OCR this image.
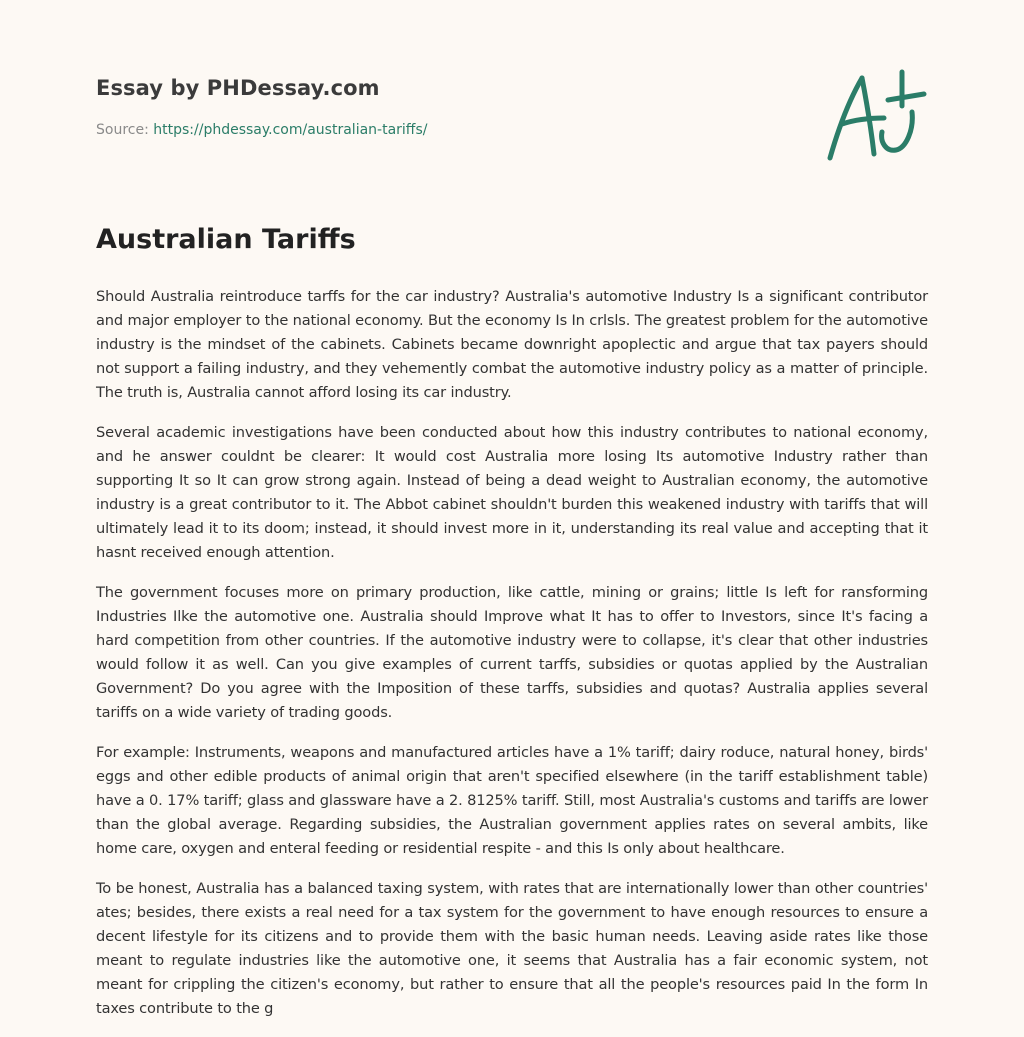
Essay by PHDessay.com
Source: https://phdessay.com/australian-tariffs/
Australian Tariffs

Should Australia reintroduce tarffs for the car industry? Australia's automotive Industry Is a significant contributor and major employer to the national economy. But the economy Is In crlsls. The greatest problem for the automotive industry is the mindset of the cabinets. Cabinets became downright apoplectic and argue that tax payers should not support a failing industry, and they vehemently combat the automotive industry policy as a matter of principle. The truth is, Australia cannot afford losing its car industry.

Several academic investigations have been conducted about how this industry contributes to national economy, and he answer couldnt be clearer: It would cost Australia more losing Its automotive Industry rather than supporting It so It can grow strong again. Instead of being a dead weight to Australian economy, the automotive industry is a great contributor to it. The Abbot cabinet shouldn't burden this weakened industry with tariffs that will ultimately lead it to its doom; instead, it should invest more in it, understanding its real value and accepting that it hasnt received enough attention.

The government focuses more on primary production, like cattle, mining or grains; little Is left for ransforming Industries Ilke the automotive one. Australia should Improve what It has to offer to Investors, since It's facing a hard competition from other countries. If the automotive industry were to collapse, it's clear that other industries would follow it as well. Can you give examples of current tarffs, subsidies or quotas applied by the Australian Government? Do you agree with the Imposition of these tarffs, subsidies and quotas? Australia applies several tariffs on a wide variety of trading goods.

For example: Instruments, weapons and manufactured articles have a 1% tariff; dairy roduce, natural honey, birds' eggs and other edible products of animal origin that aren't specified elsewhere (in the tariff establishment table) have a 0. 17% tariff; glass and glassware have a 2. 8125% tariff. Still, most Australia's customs and tariffs are lower than the global average. Regarding subsidies, the Australian government applies rates on several ambits, like home care, oxygen and enteral feeding or residential respite - and this Is only about healthcare.

To be honest, Australia has a balanced taxing system, with rates that are internationally lower than other countries' ates; besides, there exists a real need for a tax system for the government to have enough resources to ensure a decent lifestyle for its citizens and to provide them with the basic human needs. Leaving aside rates like those meant to regulate industries like the automotive one, it seems that Australia has a fair economic system, not meant for crippling the citizen's economy, but rather to ensure that all the people's resources paid In the form In taxes contribute to the g
